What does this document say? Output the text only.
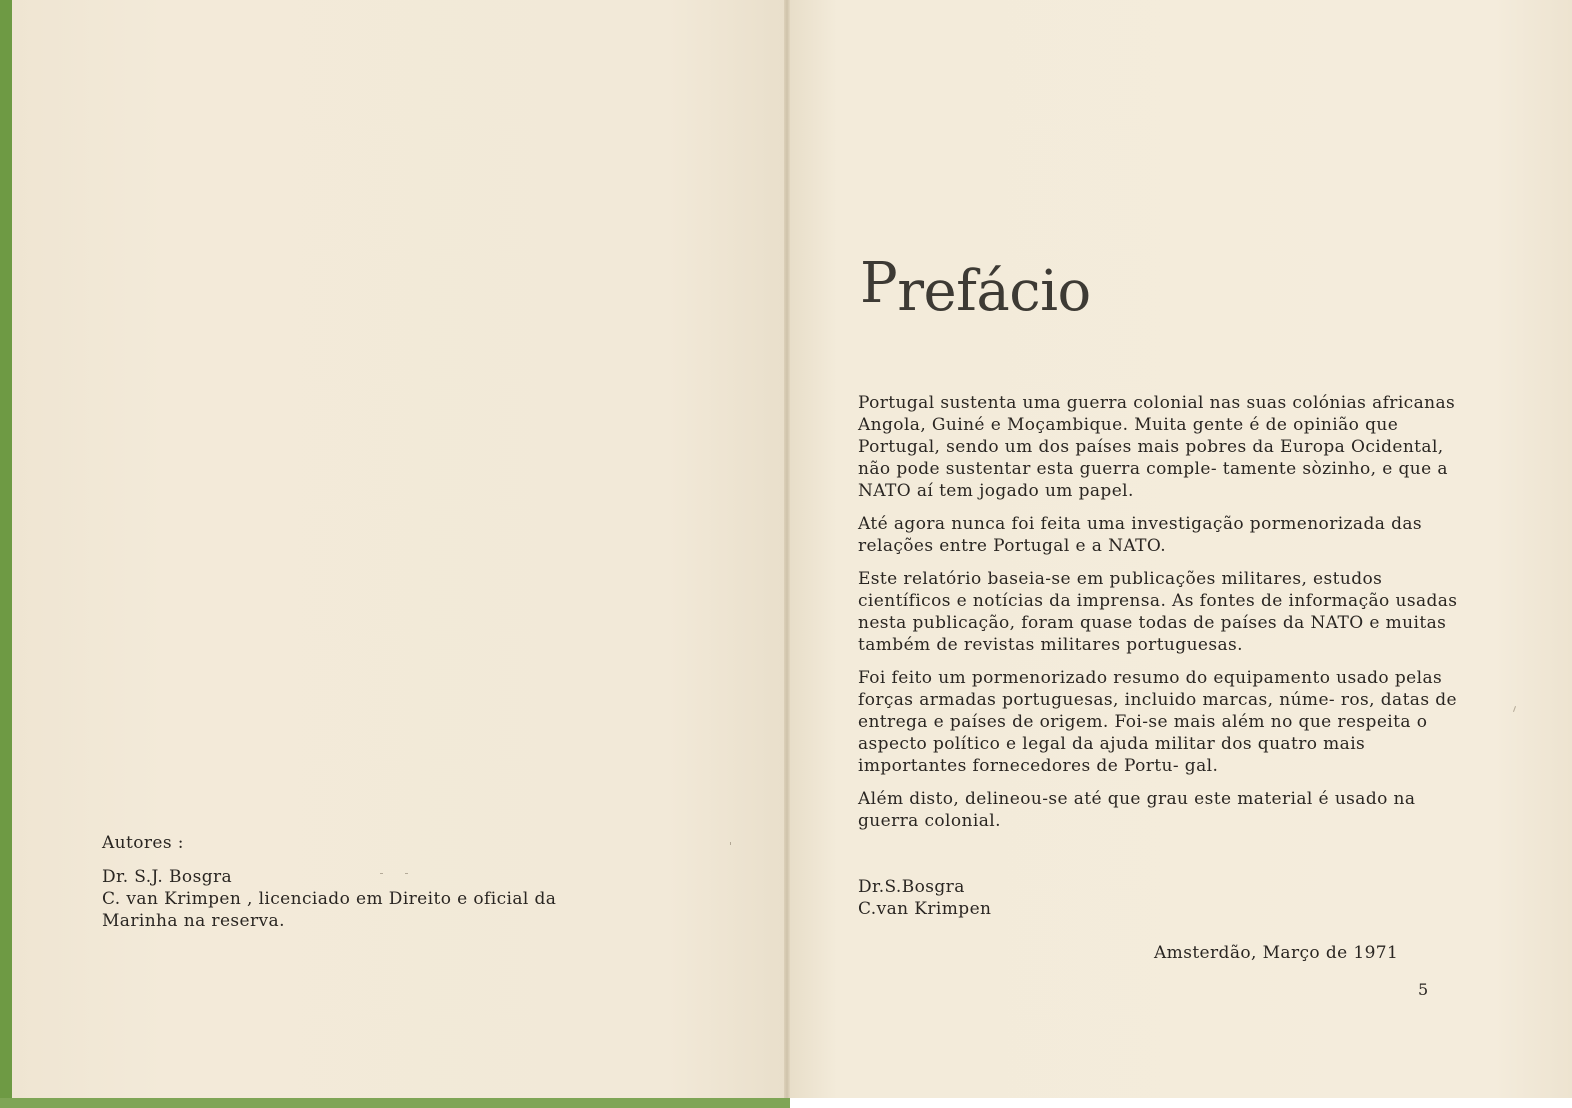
Autores :
Dr. S.J. Bosgra
C. van Krimpen , licenciado em Direito e oficial da
Marinha na reserva.
Prefácio

Portugal sustenta uma guerra colonial nas suas colónias africanas Angola, Guiné e Moçambique. Muita gente é de opinião que Portugal, sendo um dos países mais pobres da Europa Ocidental, não pode sustentar esta guerra comple- tamente sòzinho, e que a NATO aí tem jogado um papel.

Até agora nunca foi feita uma investigação pormenorizada das relações entre Portugal e a NATO.

Este relatório baseia-se em publicações militares, estudos científicos e notícias da imprensa. As fontes de informação usadas nesta publicação, foram quase todas de países da NATO e muitas também de revistas militares portuguesas.

Foi feito um pormenorizado resumo do equipamento usado pelas forças armadas portuguesas, incluido marcas, núme- ros, datas de entrega e países de origem. Foi-se mais além no que respeita o aspecto político e legal da ajuda militar dos quatro mais importantes fornecedores de Portu- gal.

Além disto, delineou-se até que grau este material é usado na guerra colonial.

Dr.S.Bosgra
C.van Krimpen
Amsterdão, Março de 1971
5
